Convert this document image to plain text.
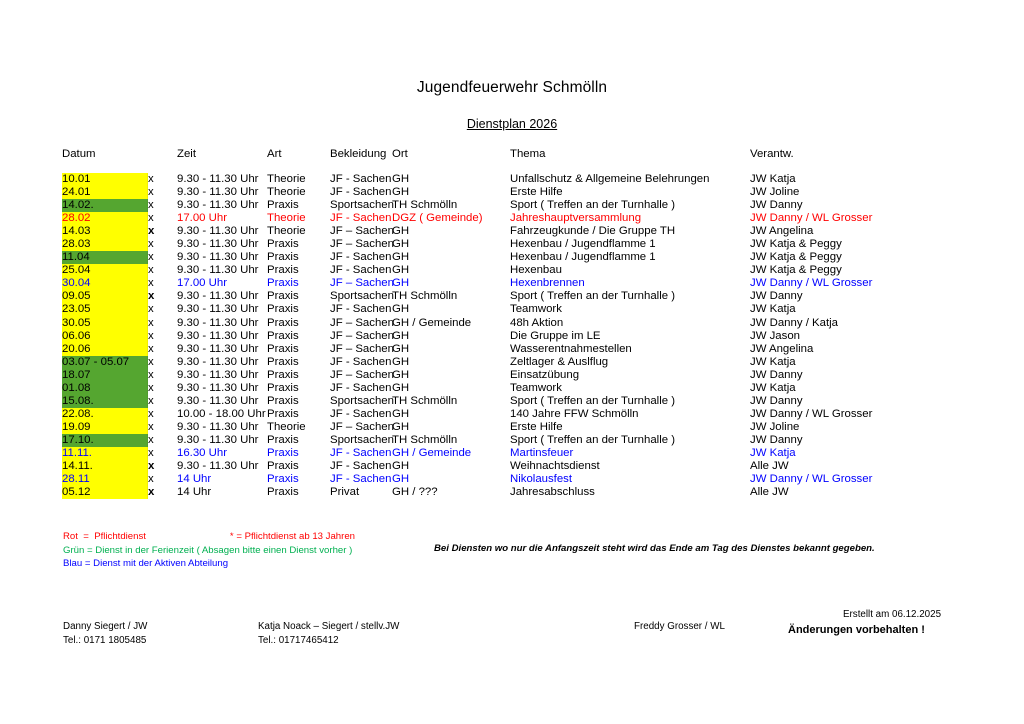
Jugendfeuerwehr Schmölln
Dienstplan 2026
Datum		Zeit	Art	Bekleidung	Ort	Thema	Verantw.
10.01	x	9.30 - 11.30 Uhr	Theorie	JF - Sachen	GH	Unfallschutz & Allgemeine Belehrungen	JW Katja
24.01	x	9.30 - 11.30 Uhr	Theorie	JF - Sachen	GH	Erste Hilfe	JW Joline
14.02.	x	9.30 - 11.30 Uhr	Praxis	Sportsachen	TH Schmölln	Sport ( Treffen an der Turnhalle )	JW Danny
28.02	x	17.00 Uhr	Theorie	JF - Sachen	DGZ ( Gemeinde)	Jahreshauptversammlung	JW Danny / WL Grosser
14.03	x	9.30 - 11.30 Uhr	Theorie	JF – Sachen	GH	Fahrzeugkunde / Die Gruppe TH	JW Angelina
28.03	x	9.30 - 11.30 Uhr	Praxis	JF – Sachen	GH	Hexenbau / Jugendflamme 1	JW Katja & Peggy
11.04	x	9.30 - 11.30 Uhr	Praxis	JF - Sachen	GH	Hexenbau / Jugendflamme 1	JW Katja & Peggy
25.04	x	9.30 - 11.30 Uhr	Praxis	JF - Sachen	GH	Hexenbau	JW Katja & Peggy
30.04	x	17.00 Uhr	Praxis	JF – Sachen	GH	Hexenbrennen	JW Danny / WL Grosser
09.05	x	9.30 - 11.30 Uhr	Praxis	Sportsachen	TH Schmölln	Sport ( Treffen an der Turnhalle )	JW Danny
23.05	x	9.30 - 11.30 Uhr	Praxis	JF - Sachen	GH	Teamwork	JW Katja
30.05	x	9.30 - 11.30 Uhr	Praxis	JF – Sachen	GH / Gemeinde	48h Aktion	JW Danny / Katja
06.06	x	9.30 - 11.30 Uhr	Praxis	JF – Sachen	GH	Die Gruppe im LE	JW Jason
20.06	x	9.30 - 11.30 Uhr	Praxis	JF – Sachen	GH	Wasserentnahmestellen	JW Angelina
03.07 - 05.07	x	9.30 - 11.30 Uhr	Praxis	JF - Sachen	GH	Zeltlager & Auslflug	JW Katja
18.07	x	9.30 - 11.30 Uhr	Praxis	JF – Sachen	GH	Einsatzübung	JW Danny
01.08	x	9.30 - 11.30 Uhr	Praxis	JF - Sachen	GH	Teamwork	JW Katja
15.08.	x	9.30 - 11.30 Uhr	Praxis	Sportsachen	TH Schmölln	Sport ( Treffen an der Turnhalle )	JW Danny
22.08.	x	10.00 - 18.00 Uhr	Praxis	JF - Sachen	GH	140 Jahre FFW Schmölln	JW Danny / WL Grosser
19.09	x	9.30 - 11.30 Uhr	Theorie	JF – Sachen	GH	Erste Hilfe	JW Joline
17.10.	x	9.30 - 11.30 Uhr	Praxis	Sportsachen	TH Schmölln	Sport ( Treffen an der Turnhalle )	JW Danny
11.11.	x	16.30 Uhr	Praxis	JF - Sachen	GH / Gemeinde	Martinsfeuer	JW Katja
14.11.	x	9.30 - 11.30 Uhr	Praxis	JF - Sachen	GH	Weihnachtsdienst	Alle JW
28.11	x	14 Uhr	Praxis	JF - Sachen	GH	Nikolausfest	JW Danny / WL Grosser
05.12	x	14 Uhr	Praxis	Privat	GH / ???	Jahresabschluss	Alle JW
Rot  =  Pflichtdienst	* = Pflichtdienst ab 13 Jahren
Grün = Dienst in der Ferienzeit ( Absagen bitte einen Dienst vorher )
Blau = Dienst mit der Aktiven Abteilung
Bei Diensten wo nur die Anfangszeit steht wird das Ende am Tag des Dienstes bekannt gegeben.
Danny Siegert / JW
Tel.: 0171 1805485
Katja Noack – Siegert / stellv.JW
Tel.: 01717465412
Freddy Grosser / WL
Erstellt am 06.12.2025
Änderungen vorbehalten !
